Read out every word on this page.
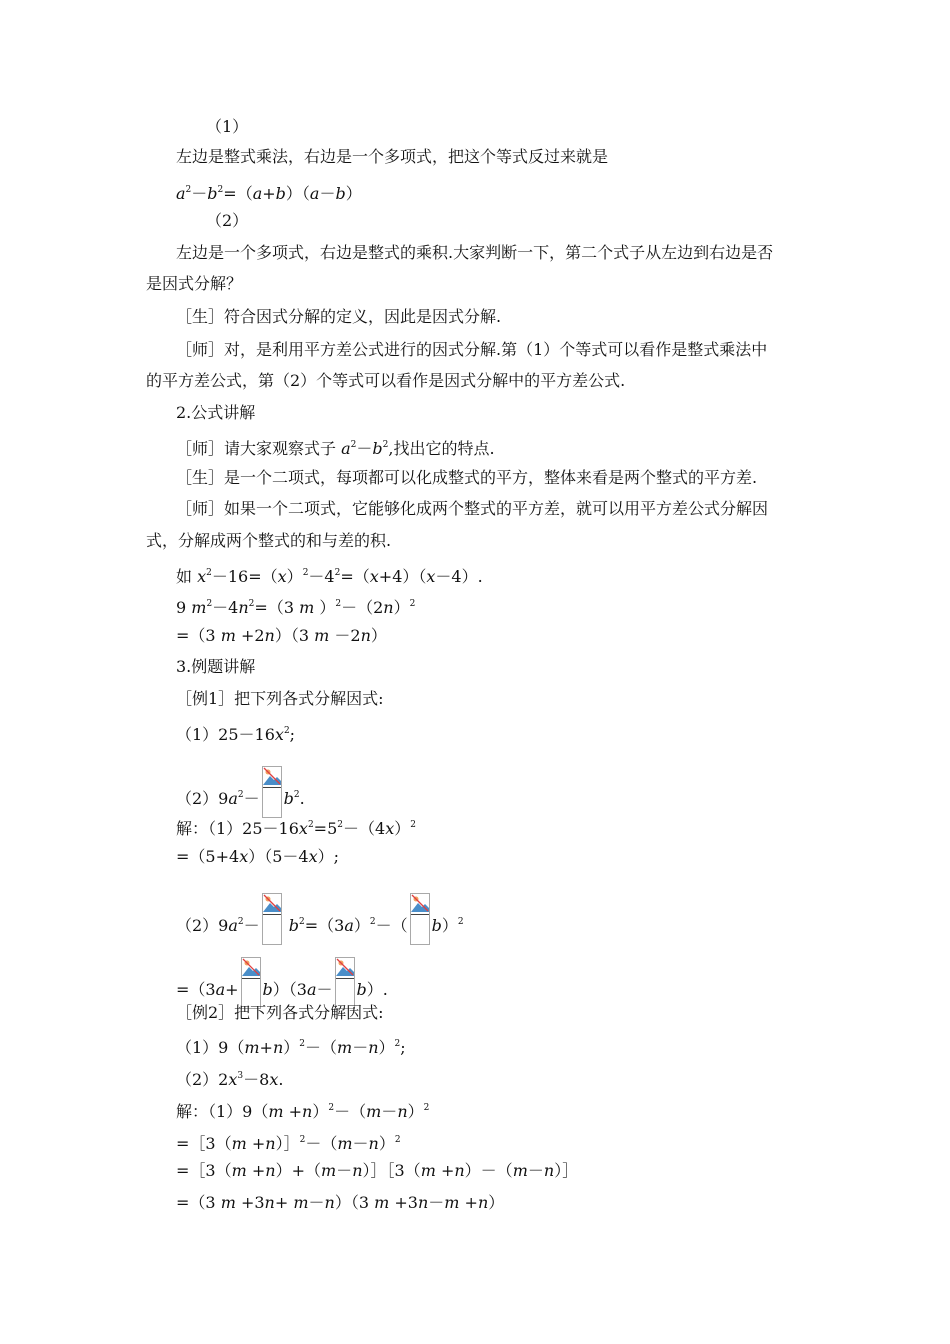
（1）
左边是整式乘法，右边是一个多项式，把这个等式反过来就是
$a^2-b^2=(a+b)(a-b)$
（2）
左边是一个多项式，右边是整式的乘积.大家判断一下，第二个式子从左边到右边是否
是因式分解？
［生］符合因式分解的定义，因此是因式分解.
［师］对，是利用平方差公式进行的因式分解.第（1）个等式可以看作是整式乘法中
的平方差公式，第（2）个等式可以看作是因式分解中的平方差公式.
2.公式讲解
［师］请大家观察式子 $a^2-b^2$,找出它的特点.
［生］是一个二项式，每项都可以化成整式的平方，整体来看是两个整式的平方差.
［师］如果一个二项式，它能够化成两个整式的平方差，就可以用平方差公式分解因
式，分解成两个整式的和与差的积.
如 $x^2-16=(x)^2-4^2=(x+4)(x-4)$.
9 $m^2-4n^2=(3$ m ）$^2-(2n)^2$
=（3 m +2n）（3 m －2n）
3.例题讲解
［例1］把下列各式分解因式:
$(1)25-16x^2$;
$(2)9a^2- b^2$.
解：$(1)25-16x^2=5^2-(4x)^2$
=（5+4x）（5－4x）;
$(2)9a^2- b^2=(3a)^2-$（ b）$^2$
=（3a+ b）（3a－ b）.
［例2］把下列各式分解因式:
$(1)9(m+n)^2-(m-n)^2$;
$(2)2x^3-8x$.
解：$(1)9(m +n)^2-(m-n)^2$
=［3（m $+n)]^2-(m-n)^2$
=［3（m +n）+（m－n）］［3（m +n）－（m－n）］
=（3 m +3n+ m－n）（3 m +3n－m +n）
